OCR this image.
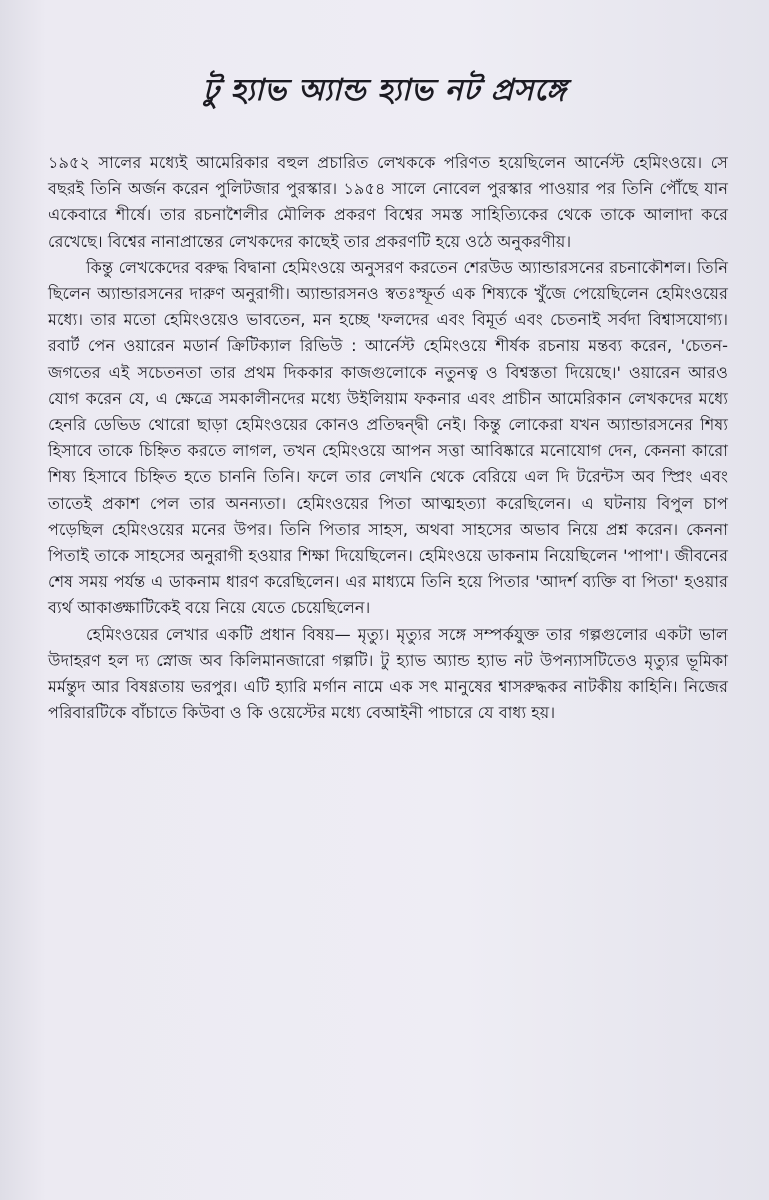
টু হ্যাভ অ্যান্ড হ্যাভ নট প্রসঙ্গে

১৯৫২ সালের মধ্যেই আমেরিকার বহুল প্রচারিত লেখককে পরিণত হয়েছিলেন আর্নেস্ট হেমিংওয়ে। সে বছরই তিনি অর্জন করেন পুলিটজার পুরস্কার। ১৯৫৪ সালে নোবেল পুরস্কার পাওয়ার পর তিনি পৌঁছে যান একেবারে শীর্ষে। তার রচনাশৈলীর মৌলিক প্রকরণ বিশ্বের সমস্ত সাহিত্যিকের থেকে তাকে আলাদা করে রেখেছে। বিশ্বের নানাপ্রান্তের লেখকদের কাছেই তার প্রকরণটি হয়ে ওঠে অনুকরণীয়।

কিন্তু লেখকেদের বরুদ্ধ বিদ্বানা হেমিংওয়ে অনুসরণ করতেন শেরউড অ্যান্ডারসনের রচনাকৌশল। তিনি ছিলেন অ্যান্ডারসনের দারুণ অনুরাগী। অ্যান্ডারসনও স্বতঃস্ফূর্ত এক শিষ্যকে খুঁজে পেয়েছিলেন হেমিংওয়ের মধ্যে। তার মতো হেমিংওয়েও ভাবতেন, মন হচ্ছে 'ফলদের এবং বিমূর্ত এবং চেতনাই সর্বদা বিশ্বাসযোগ্য। রবার্ট পেন ওয়ারেন মডার্ন ক্রিটিক্যাল রিভিউ : আর্নেস্ট হেমিংওয়ে শীর্ষক রচনায় মন্তব্য করেন, 'চেতন-জগতের এই সচেতনতা তার প্রথম দিককার কাজগুলোকে নতুনত্ব ও বিশ্বস্ততা দিয়েছে।' ওয়ারেন আরও যোগ করেন যে, এ ক্ষেত্রে সমকালীনদের মধ্যে উইলিয়াম ফকনার এবং প্রাচীন আমেরিকান লেখকদের মধ্যে হেনরি ডেভিড থোরো ছাড়া হেমিংওয়ের কোনও প্রতিদ্বন্দ্বী নেই। কিন্তু লোকেরা যখন অ্যান্ডারসনের শিষ্য হিসাবে তাকে চিহ্নিত করতে লাগল, তখন হেমিংওয়ে আপন সত্তা আবিষ্কারে মনোযোগ দেন, কেননা কারো শিষ্য হিসাবে চিহ্নিত হতে চাননি তিনি। ফলে তার লেখনি থেকে বেরিয়ে এল দি টরেন্টস অব স্প্রিং এবং তাতেই প্রকাশ পেল তার অনন্যতা। হেমিংওয়ের পিতা আত্মহত্যা করেছিলেন। এ ঘটনায় বিপুল চাপ পড়েছিল হেমিংওয়ের মনের উপর। তিনি পিতার সাহস, অথবা সাহসের অভাব নিয়ে প্রশ্ন করেন। কেননা পিতাই তাকে সাহসের অনুরাগী হওয়ার শিক্ষা দিয়েছিলেন। হেমিংওয়ে ডাকনাম নিয়েছিলেন 'পাপা'। জীবনের শেষ সময় পর্যন্ত এ ডাকনাম ধারণ করেছিলেন। এর মাধ্যমে তিনি হয়ে পিতার 'আদর্শ ব্যক্তি বা পিতা' হওয়ার ব্যর্থ আকাঙ্ক্ষাটিকেই বয়ে নিয়ে যেতে চেয়েছিলেন।

হেমিংওয়ের লেখার একটি প্রধান বিষয়— মৃত্যু। মৃত্যুর সঙ্গে সম্পর্কযুক্ত তার গল্পগুলোর একটা ভাল উদাহরণ হল দ্য স্নোজ অব কিলিমানজারো গল্পটি। টু হ্যাভ অ্যান্ড হ্যাভ নট উপন্যাসটিতেও মৃত্যুর ভূমিকা মর্মন্তুদ আর বিষণ্ণতায় ভরপুর। এটি হ্যারি মর্গান নামে এক সৎ মানুষের শ্বাসরুদ্ধকর নাটকীয় কাহিনি। নিজের পরিবারটিকে বাঁচাতে কিউবা ও কি ওয়েস্টের মধ্যে বেআইনী পাচারে যে বাধ্য হয়।
